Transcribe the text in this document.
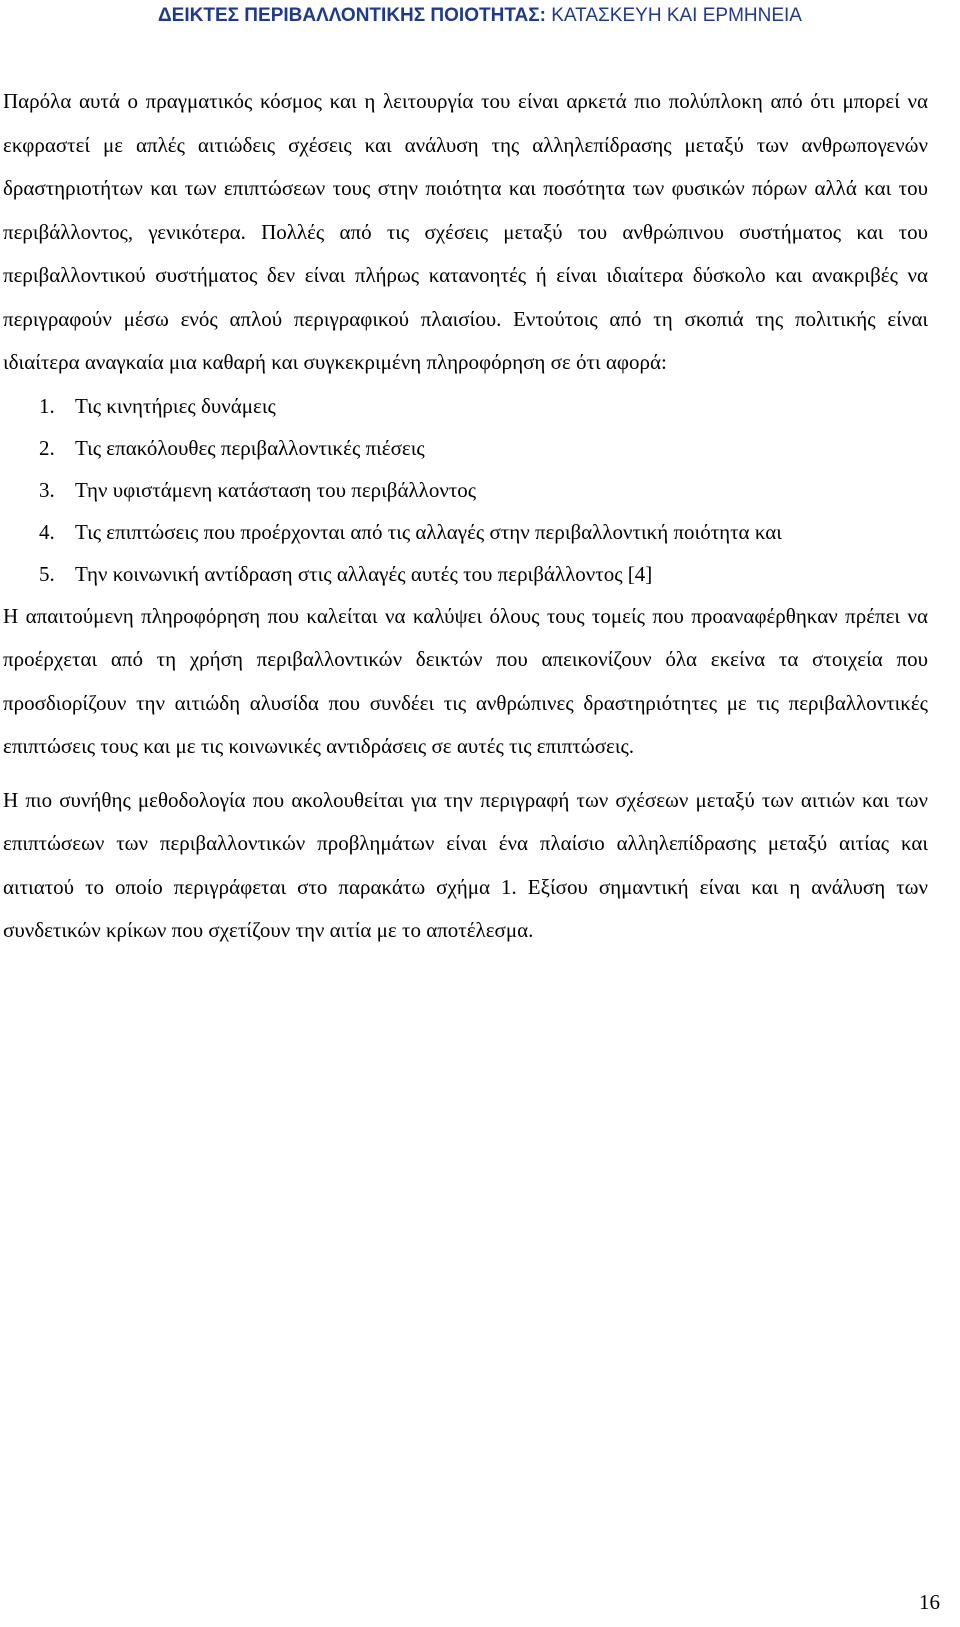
ΔΕΙΚΤΕΣ ΠΕΡΙΒΑΛΛΟΝΤΙΚΗΣ ΠΟΙΟΤΗΤΑΣ: ΚΑΤΑΣΚΕΥΗ ΚΑΙ ΕΡΜΗΝΕΙΑ

Παρόλα αυτά ο πραγματικός κόσμος και η λειτουργία του είναι αρκετά πιο πολύπλοκη από ότι μπορεί να εκφραστεί με απλές αιτιώδεις σχέσεις και ανάλυση της αλληλεπίδρασης μεταξύ των ανθρωπογενών δραστηριοτήτων και των επιπτώσεων τους στην ποιότητα και ποσότητα των φυσικών πόρων αλλά και του περιβάλλοντος, γενικότερα. Πολλές από τις σχέσεις μεταξύ του ανθρώπινου συστήματος και του περιβαλλοντικού συστήματος δεν είναι πλήρως κατανοητές ή είναι ιδιαίτερα δύσκολο και ανακριβές να περιγραφούν μέσω ενός απλού περιγραφικού πλαισίου. Εντούτοις από τη σκοπιά της πολιτικής είναι ιδιαίτερα αναγκαία μια καθαρή και συγκεκριμένη πληροφόρηση σε ότι αφορά:

1. Τις κινητήριες δυνάμεις
2. Τις επακόλουθες περιβαλλοντικές πιέσεις
3. Την υφιστάμενη κατάσταση του περιβάλλοντος
4. Τις επιπτώσεις που προέρχονται από τις αλλαγές στην περιβαλλοντική ποιότητα και
5. Την κοινωνική αντίδραση στις αλλαγές αυτές του περιβάλλοντος [4]

Η απαιτούμενη πληροφόρηση που καλείται να καλύψει όλους τους τομείς που προαναφέρθηκαν πρέπει να προέρχεται από τη χρήση περιβαλλοντικών δεικτών που απεικονίζουν όλα εκείνα τα στοιχεία που προσδιορίζουν την αιτιώδη αλυσίδα που συνδέει τις ανθρώπινες δραστηριότητες με τις περιβαλλοντικές επιπτώσεις τους και με τις κοινωνικές αντιδράσεις σε αυτές τις επιπτώσεις.

Η πιο συνήθης μεθοδολογία που ακολουθείται για την περιγραφή των σχέσεων μεταξύ των αιτιών και των επιπτώσεων των περιβαλλοντικών προβλημάτων είναι ένα πλαίσιο αλληλεπίδρασης μεταξύ αιτίας και αιτιατού το οποίο περιγράφεται στο παρακάτω σχήμα 1. Εξίσου σημαντική είναι και η ανάλυση των συνδετικών κρίκων που σχετίζουν την αιτία με το αποτέλεσμα.

16
